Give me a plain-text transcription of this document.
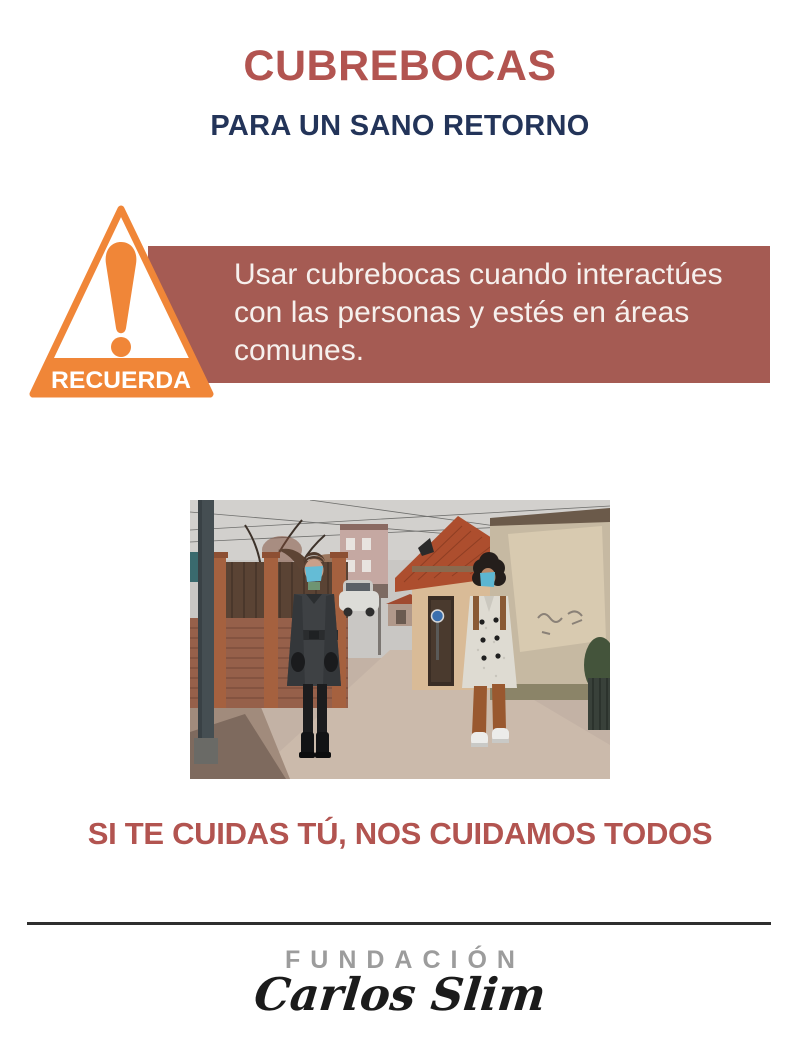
CUBREBOCAS
PARA UN SANO RETORNO
Usar cubrebocas cuando interactúes
con las personas y estés en áreas
comunes.
RECUERDA
SI TE CUIDAS TÚ, NOS CUIDAMOS TODOS
FUNDACIÓN
Carlos Slim
